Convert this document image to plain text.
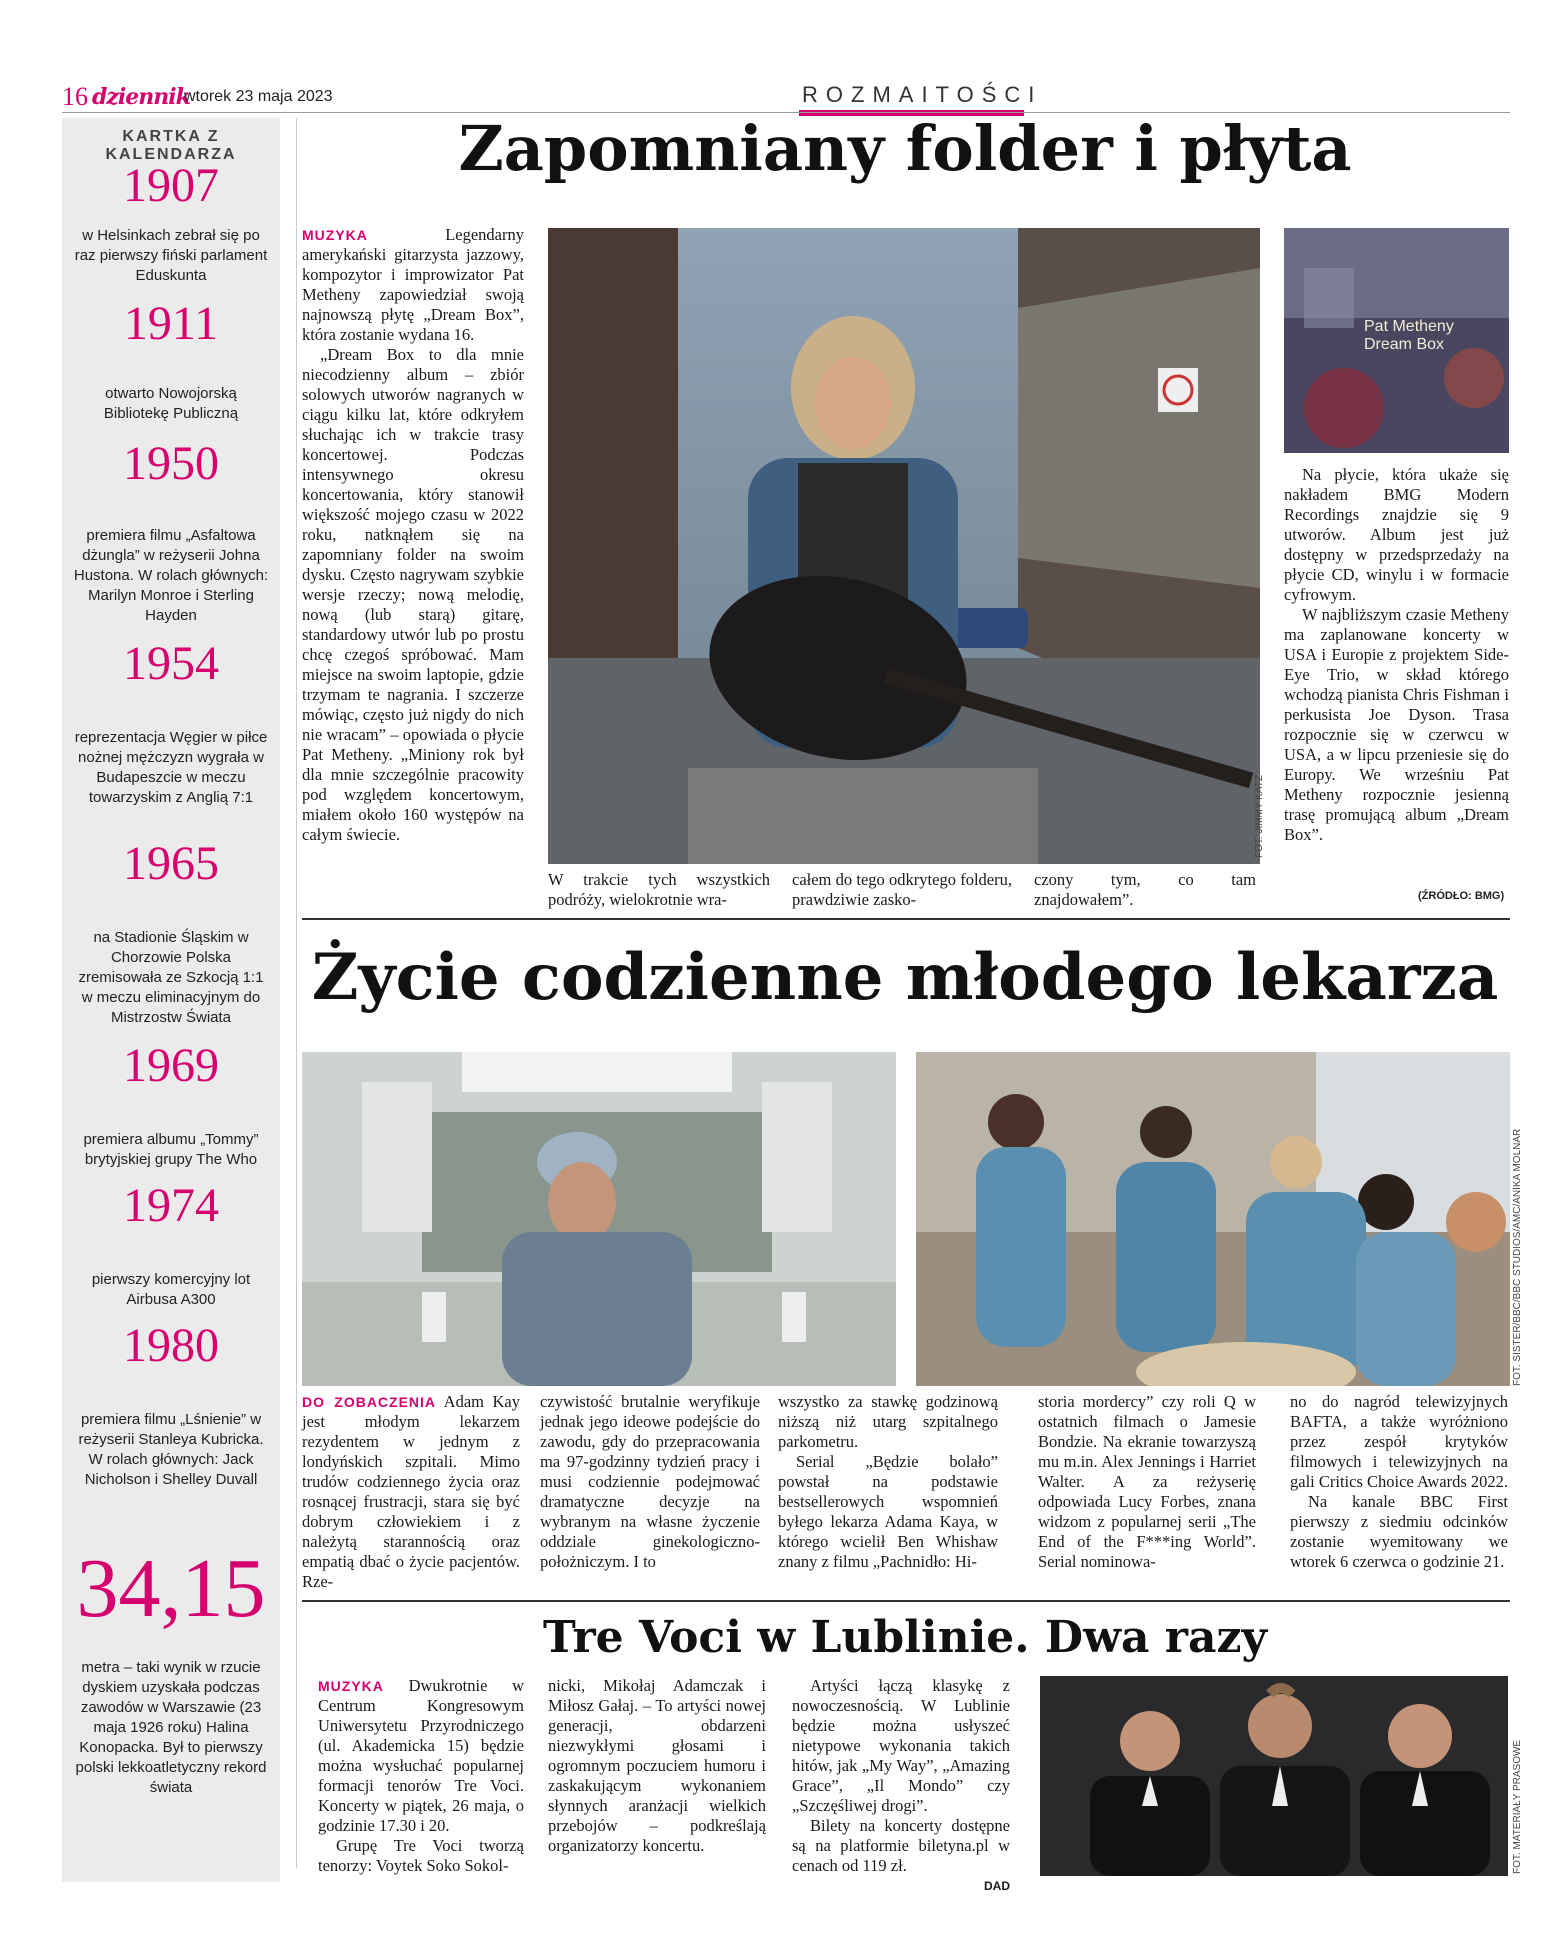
16 dziennik
wtorek 23 maja 2023	ROZMAITOŚCI
KARTKA Z KALENDARZA
1907
w Helsinkach zebrał się po raz pierwszy fiński parlament Eduskunta
1911
otwarto Nowojorską Bibliotekę Publiczną
1950
premiera filmu „Asfaltowa dżungla” w reżyserii Johna Hustona. W rolach głównych: Marilyn Monroe i Sterling Hayden
1954
reprezentacja Węgier w piłce nożnej mężczyzn wygrała w Budapeszcie w meczu towarzyskim z Anglią 7:1
1965
na Stadionie Śląskim w Chorzowie Polska zremisowała ze Szkocją 1:1 w meczu eliminacyjnym do Mistrzostw Świata
1969
premiera albumu „Tommy” brytyjskiej grupy The Who
1974
pierwszy komercyjny lot Airbusa A300
1980
premiera filmu „Lśnienie” w reżyserii Stanleya Kubricka. W rolach głównych: Jack Nicholson i Shelley Duvall
34,15
metra – taki wynik w rzucie dyskiem uzyskała podczas zawodów w Warszawie (23 maja 1926 roku) Halina Konopacka. Był to pierwszy polski lekkoatletyczny rekord świata
Zapomniany folder i płyta

MUZYKA	Legendarny amerykański gitarzysta jazzowy, kompozytor i improwizator Pat Metheny zapowiedział swoją najnowszą płytę „Dream Box”, która zostanie wydana 16.

„Dream Box to dla mnie niecodzienny album – zbiór solowych utworów nagranych w ciągu kilku lat, które odkryłem słuchając ich w trakcie trasy koncertowej. Podczas intensywnego okresu koncertowania, który stanowił większość mojego czasu w 2022 roku, natknąłem się na zapomniany folder na swoim dysku. Często nagrywam szybkie wersje rzeczy; nową melodię, nową (lub starą) gitarę, standardowy utwór lub po prostu chcę czegoś spróbować. Mam miejsce na swoim laptopie, gdzie trzymam te nagrania. I szczerze mówiąc, często już nigdy do nich nie wracam” – opowiada o płycie Pat Metheny. „Miniony rok był dla mnie szczególnie pracowity pod względem koncertowym, miałem około 160 występów na całym świecie.	FOT. JIMMY KATZ
W trakcie tych wszystkich podróży, wielokrotnie wra-
całem do tego odkrytego folderu, prawdziwie zasko-
czony tym, co tam znajdowałem”.
Pat Metheny
Dream Box

Na płycie, która ukaże się nakładem BMG Modern Recordings znajdzie się 9 utworów. Album jest już dostępny w przedsprzedaży na płycie CD, winylu i w formacie cyfrowym.

W najbliższym czasie Metheny ma zaplanowane koncerty w USA i Europie z projektem Side-Eye Trio, w skład którego wchodzą pianista Chris Fishman i perkusista Joe Dyson. Trasa rozpocznie się w czerwcu w USA, a w lipcu przeniesie się do Europy. We wrześniu Pat Metheny rozpocznie jesienną trasę promującą album „Dream Box”.

(ŹRÓDŁO: BMG)
Życie codzienne młodego lekarza
FOT. SISTER/BBC/BBC STUDIOS/AMC/ANIKA MOLNAR

DO ZOBACZENIA Adam Kay jest młodym lekarzem rezydentem w jednym z londyńskich szpitali. Mimo trudów codziennego życia oraz rosnącej frustracji, stara się być dobrym człowiekiem i z należytą starannością oraz empatią dbać o życie pacjentów. Rze-

czywistość brutalnie weryfikuje jednak jego ideowe podejście do zawodu, gdy do przepracowania ma 97-godzinny tydzień pracy i musi codziennie podejmować dramatyczne decyzje na wybranym na własne życzenie oddziale ginekologiczno-położniczym. I to

wszystko za stawkę godzinową niższą niż utarg szpitalnego parkometru.

Serial „Będzie bolało” powstał na podstawie bestsellerowych wspomnień byłego lekarza Adama Kaya, w którego wcielił Ben Whishaw znany z filmu „Pachnidło: Hi-

storia mordercy” czy roli Q w ostatnich filmach o Jamesie Bondzie. Na ekranie towarzyszą mu m.in. Alex Jennings i Harriet Walter. A za reżyserię odpowiada Lucy Forbes, znana widzom z popularnej serii „The End of the F***ing World”. Serial nominowa-

no do nagród telewizyjnych BAFTA, a także wyróżniono przez zespół krytyków filmowych i telewizyjnych na gali Critics Choice Awards 2022.

Na kanale BBC First pierwszy z siedmiu odcinków zostanie wyemitowany we wtorek 6 czerwca o godzinie 21.

Tre Voci w Lublinie. Dwa razy

MUZYKA Dwukrotnie w Centrum Kongresowym Uniwersytetu Przyrodniczego (ul. Akademicka 15) będzie można wysłuchać popularnej formacji tenorów Tre Voci. Koncerty w piątek, 26 maja, o godzinie 17.30 i 20.

Grupę Tre Voci tworzą tenorzy: Voytek Soko Sokol-

nicki, Mikołaj Adamczak i Miłosz Gałaj. – To artyści nowej generacji, obdarzeni niezwykłymi głosami i ogromnym poczuciem humoru i zaskakującym wykonaniem słynnych aranżacji wielkich przebojów – podkreślają organizatorzy koncertu.

Artyści łączą klasykę z nowoczesnością. W Lublinie będzie można usłyszeć nietypowe wykonania takich hitów, jak „My Way”, „Amazing Grace”, „Il Mondo” czy „Szczęśliwej drogi”.

Bilety na koncerty dostępne są na platformie biletyna.pl w cenach od 119 zł.

DAD
FOT. MATERIAŁY PRASOWE
